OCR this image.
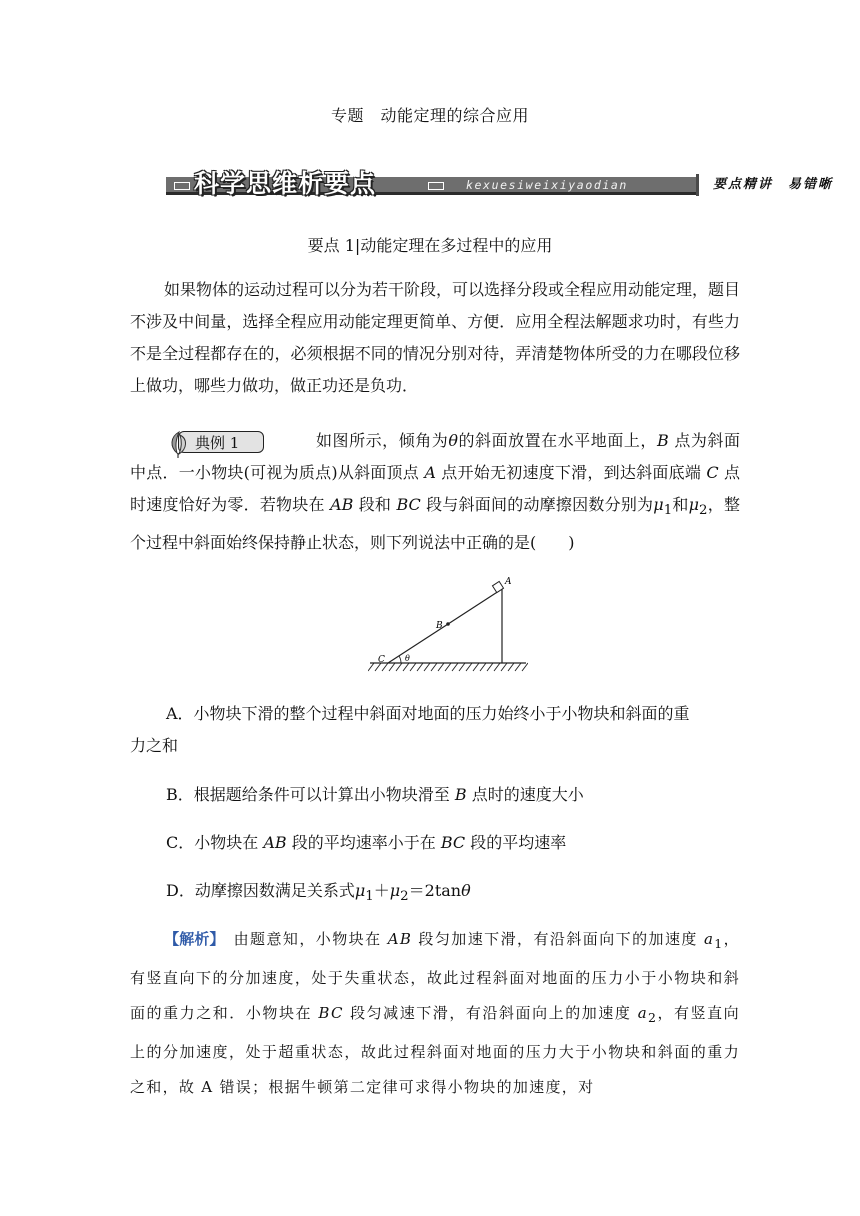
专题　动能定理的综合应用
科学思维析要点	kexuesiweixiyaodian	要点精讲　易错晰
要点 1|动能定理在多过程中的应用
如果物体的运动过程可以分为若干阶段，可以选择分段或全程应用动能定理，题目不涉及中间量，选择全程应用动能定理更简单、方便．应用全程法解题求功时，有些力不是全过程都存在的，必须根据不同的情况分别对待，弄清楚物体所受的力在哪段位移上做功，哪些力做功，做正功还是负功．
典例 1	如图所示，倾角为θ的斜面放置在水平地面上，B 点为斜面中点．一小物块(可视为质点)从斜面顶点 A 点开始无初速度下滑，到达斜面底端 C 点时速度恰好为零．若物块在 AB 段和 BC 段与斜面间的动摩擦因数分别为$\mu_1$和$\mu_2$，整个过程中斜面始终保持静止状态，则下列说法中正确的是(　　)
A
B
C	θ
A．小物块下滑的整个过程中斜面对地面的压力始终小于小物块和斜面的重
力之和
B．根据题给条件可以计算出小物块滑至 B 点时的速度大小
C．小物块在 AB 段的平均速率小于在 BC 段的平均速率
D．动摩擦因数满足关系式$\mu_1+\mu_2=2\tan\theta$
【解析】　由题意知，小物块在 AB 段匀加速下滑，有沿斜面向下的加速度 $a_1$，有竖直向下的分加速度，处于失重状态，故此过程斜面对地面的压力小于小物块和斜面的重力之和．小物块在 BC 段匀减速下滑，有沿斜面向上的加速度 $a_2$，有竖直向上的分加速度，处于超重状态，故此过程斜面对地面的压力大于小物块和斜面的重力之和，故 A 错误；根据牛顿第二定律可求得小物块的加速度，对
